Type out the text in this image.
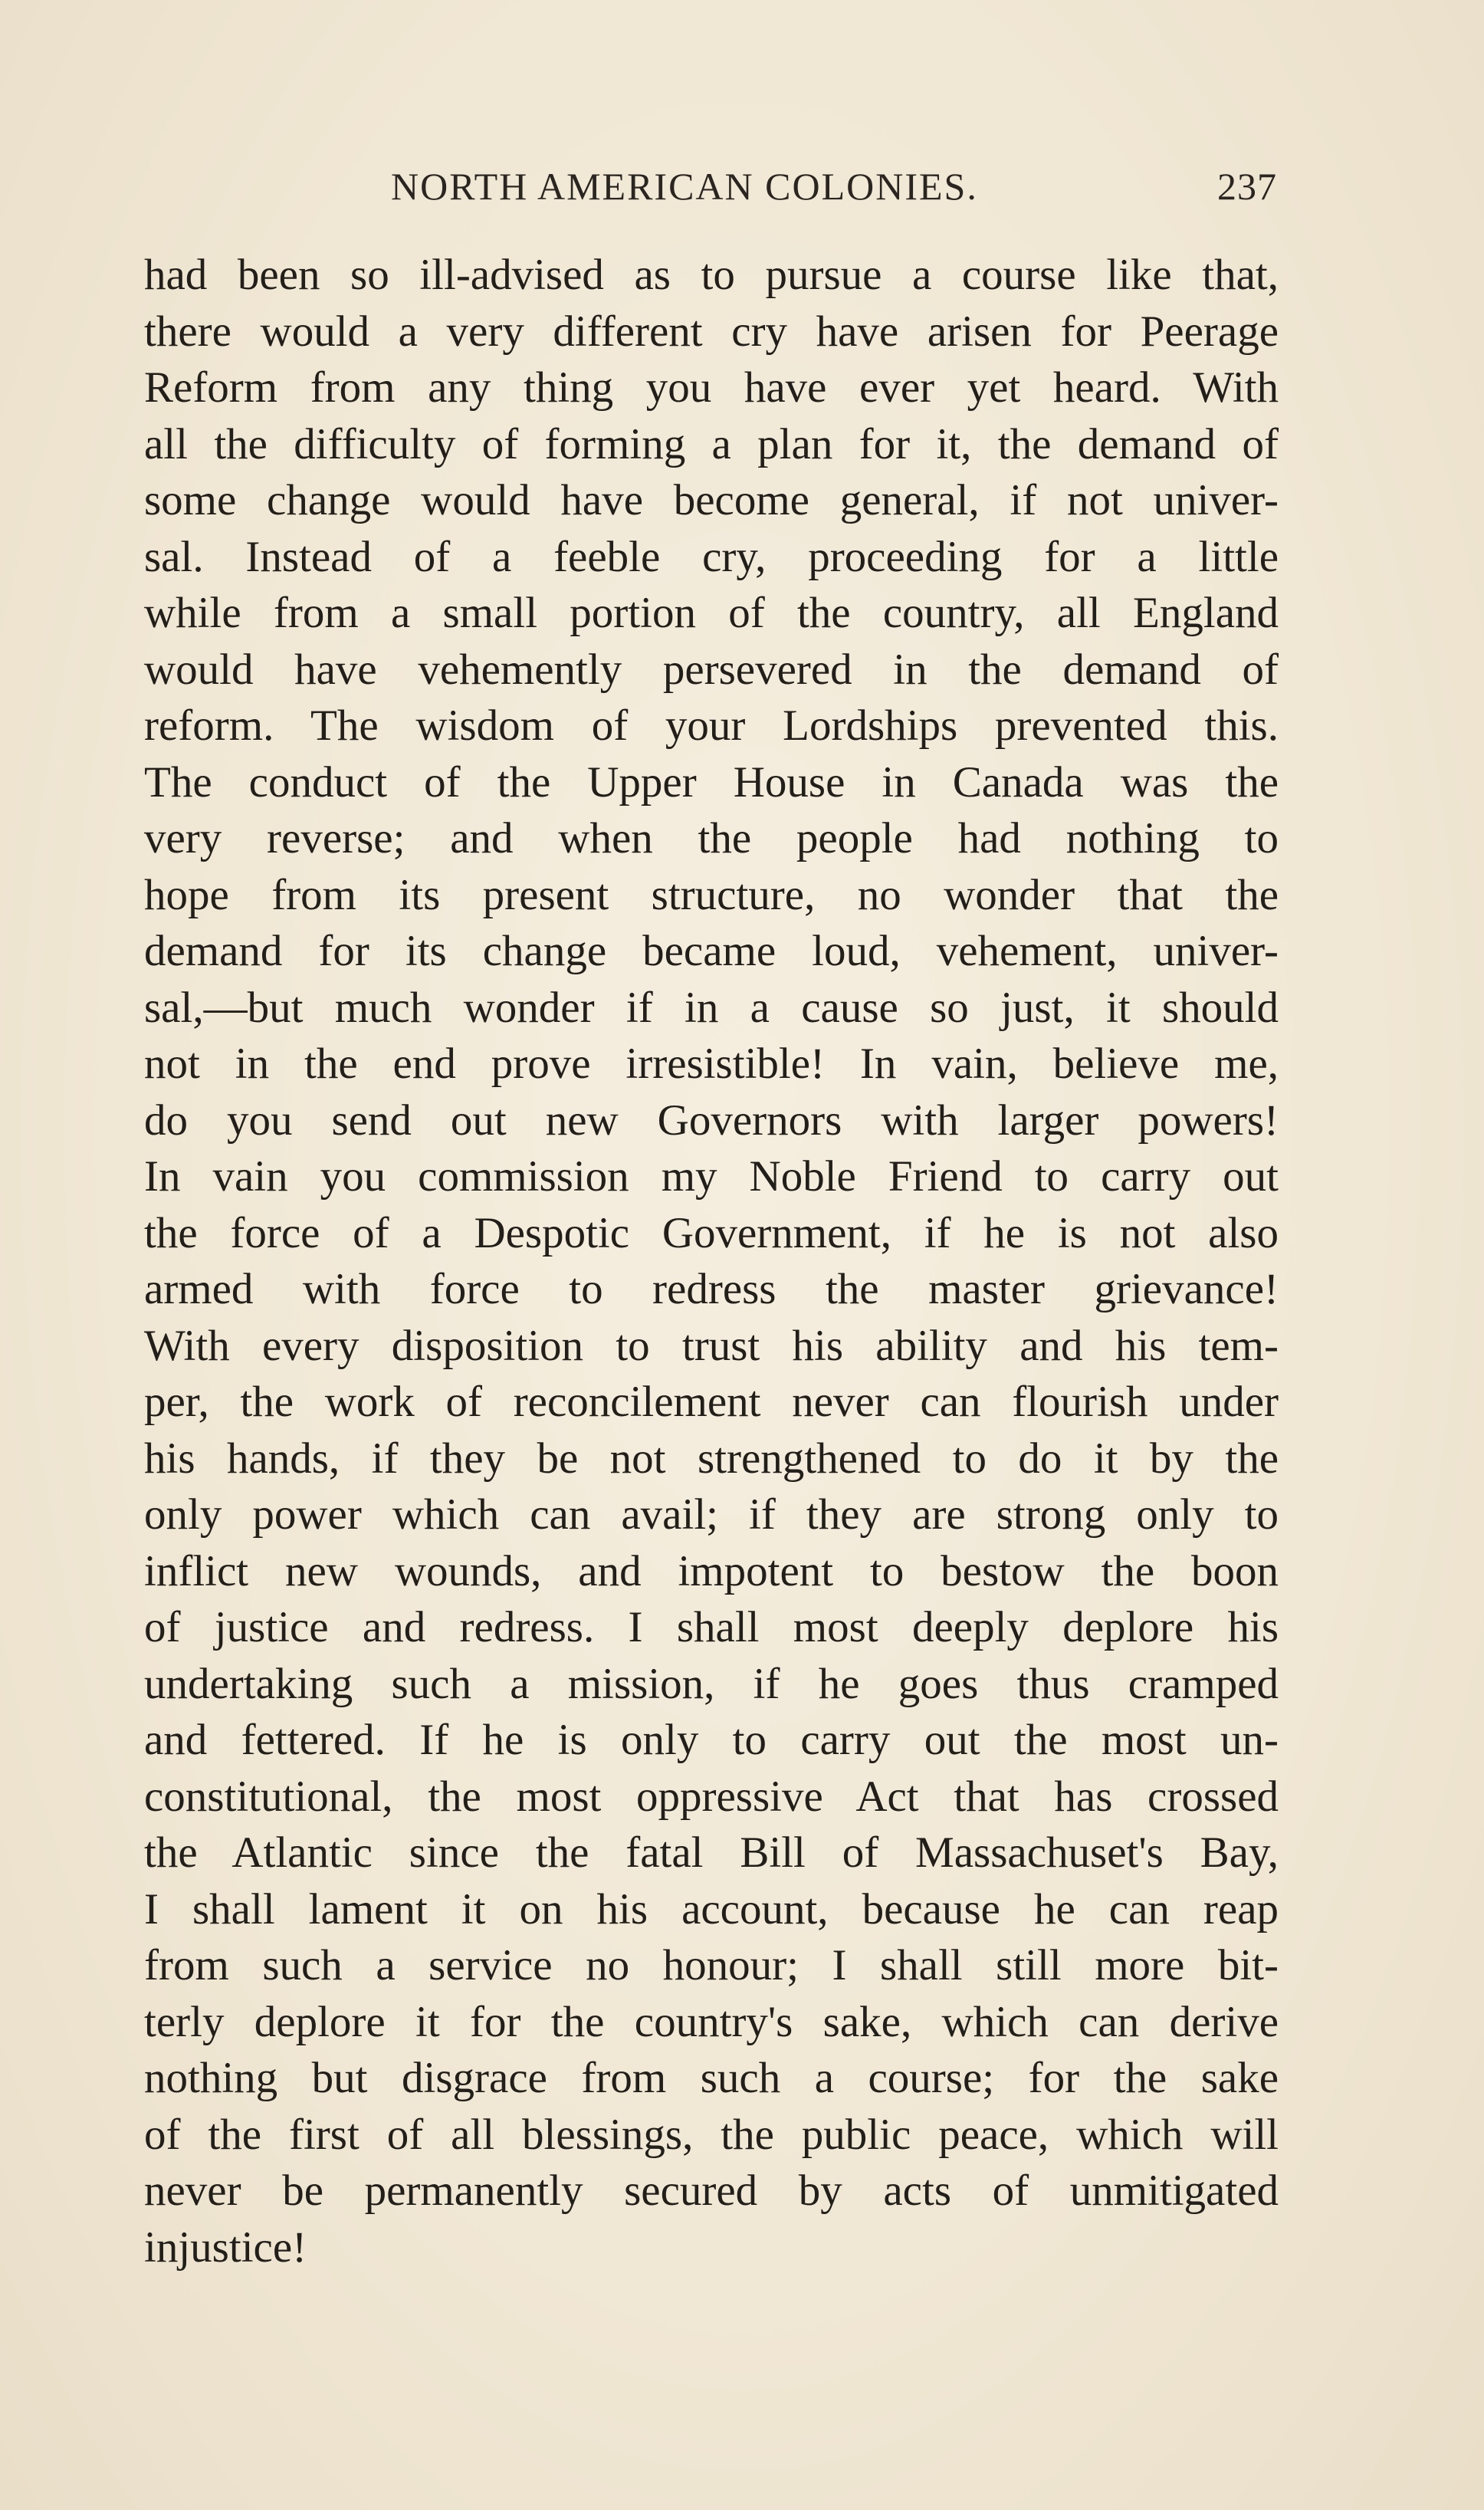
NORTH AMERICAN COLONIES.	237
had been so ill-advised as to pursue a course like that,
there would a very different cry have arisen for Peerage
Reform from any thing you have ever yet heard. With
all the difficulty of forming a plan for it, the demand of
some change would have become general, if not univer-
sal. Instead of a feeble cry, proceeding for a little
while from a small portion of the country, all England
would have vehemently persevered in the demand of
reform. The wisdom of your Lordships prevented this.
The conduct of the Upper House in Canada was the
very reverse; and when the people had nothing to
hope from its present structure, no wonder that the
demand for its change became loud, vehement, univer-
sal,—but much wonder if in a cause so just, it should
not in the end prove irresistible! In vain, believe me,
do you send out new Governors with larger powers!
In vain you commission my Noble Friend to carry out
the force of a Despotic Government, if he is not also
armed with force to redress the master grievance!
With every disposition to trust his ability and his tem-
per, the work of reconcilement never can flourish under
his hands, if they be not strengthened to do it by the
only power which can avail; if they are strong only to
inflict new wounds, and impotent to bestow the boon
of justice and redress. I shall most deeply deplore his
undertaking such a mission, if he goes thus cramped
and fettered. If he is only to carry out the most un-
constitutional, the most oppressive Act that has crossed
the Atlantic since the fatal Bill of Massachuset's Bay,
I shall lament it on his account, because he can reap
from such a service no honour; I shall still more bit-
terly deplore it for the country's sake, which can derive
nothing but disgrace from such a course; for the sake
of the first of all blessings, the public peace, which will
never be permanently secured by acts of unmitigated
injustice!
